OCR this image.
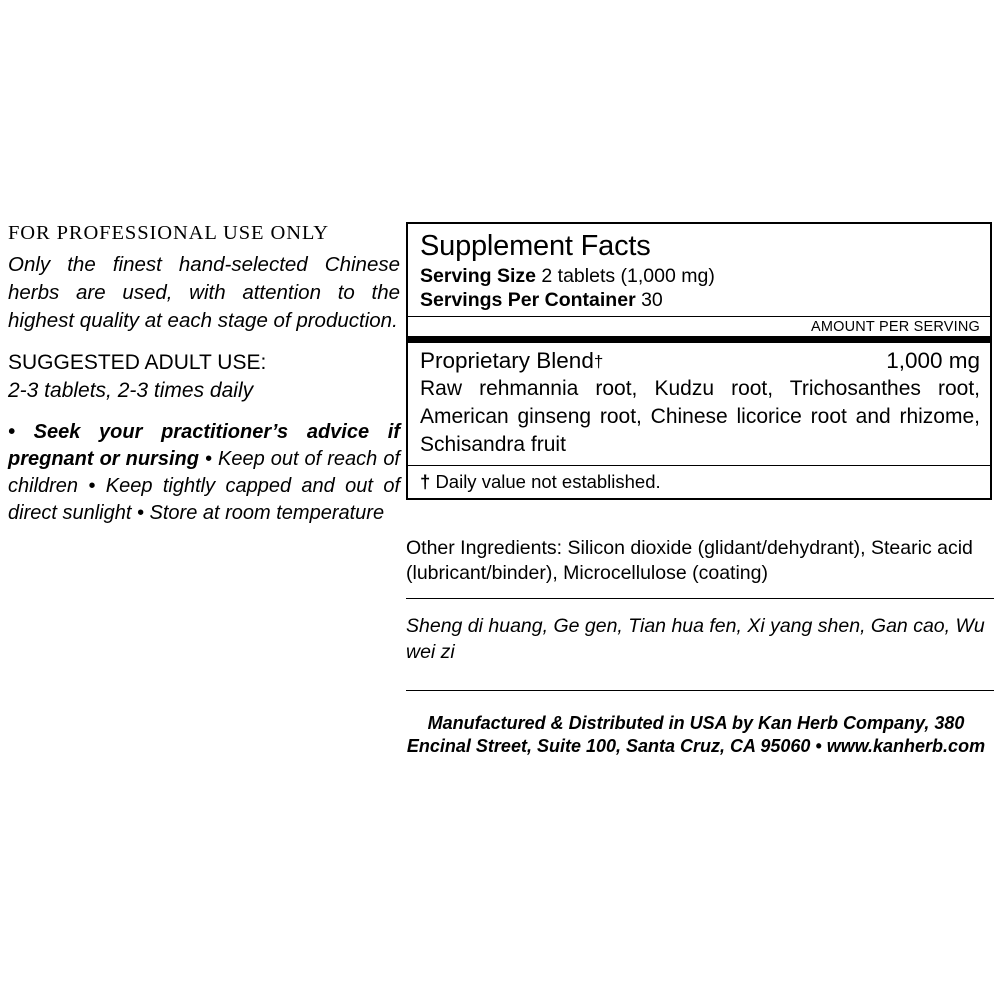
FOR PROFESSIONAL USE ONLY

Only the finest hand-selected Chinese herbs are used, with attention to the highest quality at each stage of production.

SUGGESTED ADULT USE:
2-3 tablets, 2-3 times daily

• Seek your practitioner’s advice if pregnant or nursing • Keep out of reach of children • Keep tightly capped and out of direct sunlight • Store at room temperature

Supplement Facts
Serving Size 2 tablets (1,000 mg)
Servings Per Container 30
AMOUNT PER SERVING
Proprietary Blend†	1,000 mg

Raw rehmannia root, Kudzu root, Trichosanthes root, American ginseng root, Chinese licorice root and rhizome, Schisandra fruit

† Daily value not established.
Other Ingredients: Silicon dioxide (glidant/dehydrant), Stearic acid (lubricant/binder), Microcellulose (coating)
Sheng di huang, Ge gen, Tian hua fen, Xi yang shen, Gan cao, Wu wei zi
Manufactured & Distributed in USA by Kan Herb Company, 380 Encinal Street, Suite 100, Santa Cruz, CA 95060 • www.kanherb.com
